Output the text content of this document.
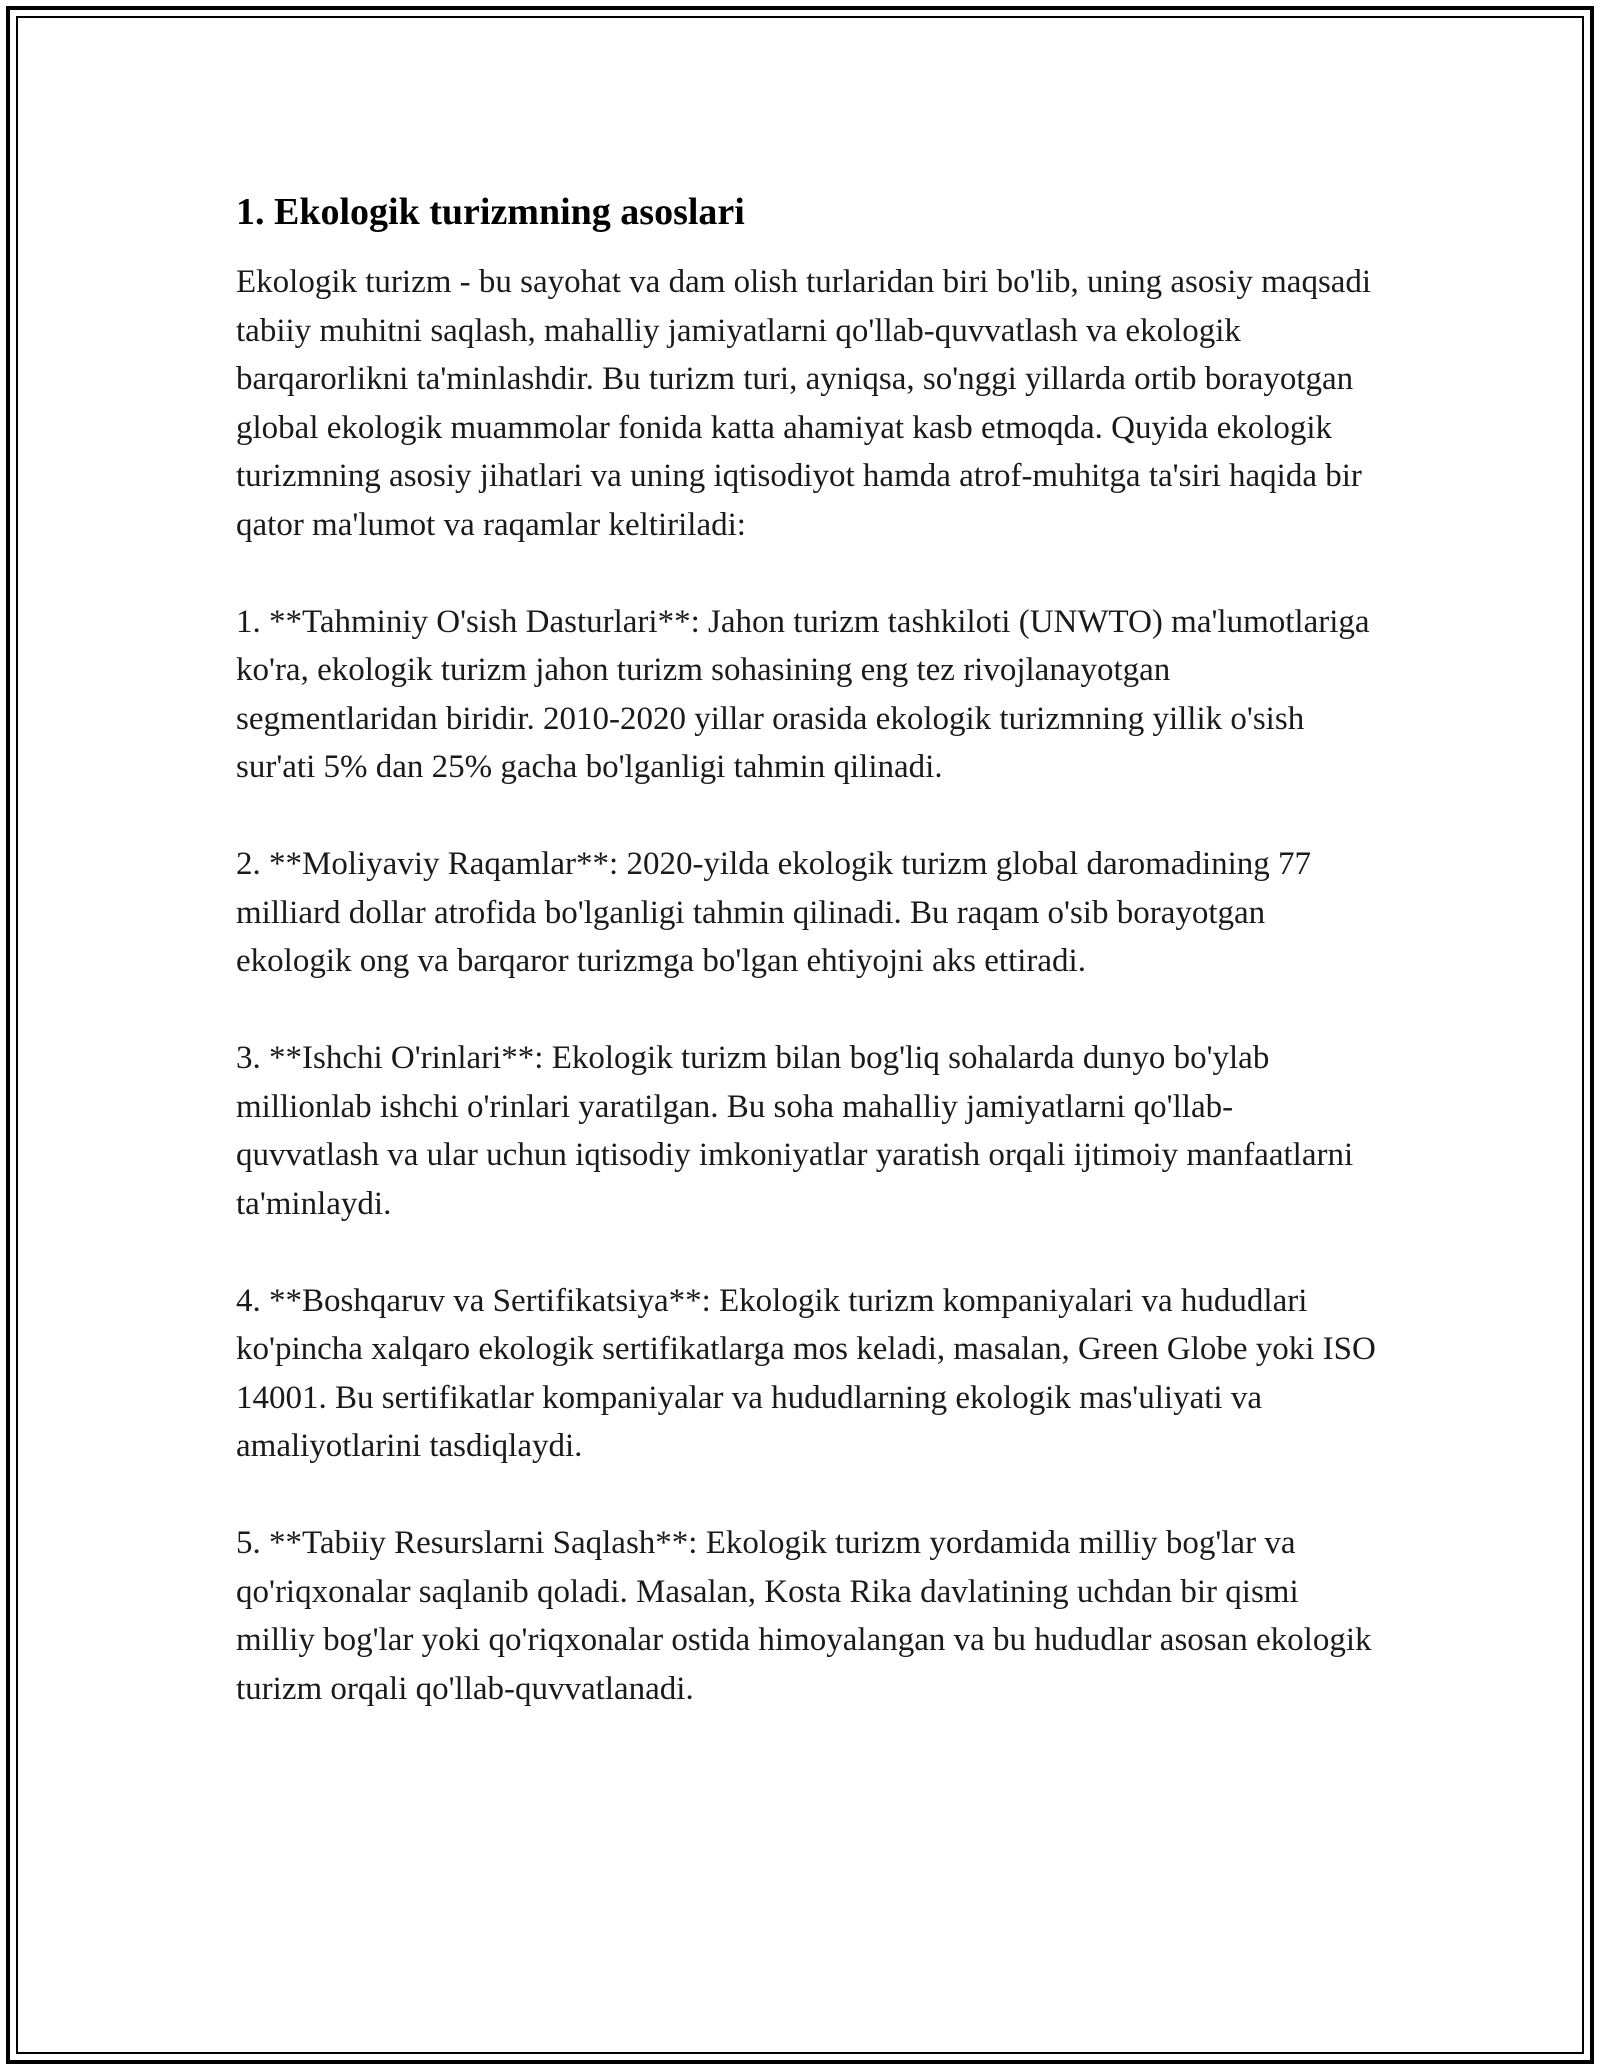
1. Ekologik turizmning asoslari

Ekologik turizm - bu sayohat va dam olish turlaridan biri bo'lib, uning asosiy maqsadi tabiiy muhitni saqlash, mahalliy jamiyatlarni qo'llab-quvvatlash va ekologik barqarorlikni ta'minlashdir. Bu turizm turi, ayniqsa, so'nggi yillarda ortib borayotgan global ekologik muammolar fonida katta ahamiyat kasb etmoqda. Quyida ekologik turizmning asosiy jihatlari va uning iqtisodiyot hamda atrof-muhitga ta'siri haqida bir qator ma'lumot va raqamlar keltiriladi:

1. **Tahminiy O'sish Dasturlari**: Jahon turizm tashkiloti (UNWTO) ma'lumotlariga ko'ra, ekologik turizm jahon turizm sohasining eng tez rivojlanayotgan segmentlaridan biridir. 2010-2020 yillar orasida ekologik turizmning yillik o'sish sur'ati 5% dan 25% gacha bo'lganligi tahmin qilinadi.

2. **Moliyaviy Raqamlar**: 2020-yilda ekologik turizm global daromadining 77 milliard dollar atrofida bo'lganligi tahmin qilinadi. Bu raqam o'sib borayotgan ekologik ong va barqaror turizmga bo'lgan ehtiyojni aks ettiradi.

3. **Ishchi O'rinlari**: Ekologik turizm bilan bog'liq sohalarda dunyo bo'ylab millionlab ishchi o'rinlari yaratilgan. Bu soha mahalliy jamiyatlarni qo'llab-quvvatlash va ular uchun iqtisodiy imkoniyatlar yaratish orqali ijtimoiy manfaatlarni ta'minlaydi.

4. **Boshqaruv va Sertifikatsiya**: Ekologik turizm kompaniyalari va hududlari ko'pincha xalqaro ekologik sertifikatlarga mos keladi, masalan, Green Globe yoki ISO 14001. Bu sertifikatlar kompaniyalar va hududlarning ekologik mas'uliyati va amaliyotlarini tasdiqlaydi.

5. **Tabiiy Resurslarni Saqlash**: Ekologik turizm yordamida milliy bog'lar va qo'riqxonalar saqlanib qoladi. Masalan, Kosta Rika davlatining uchdan bir qismi milliy bog'lar yoki qo'riqxonalar ostida himoyalangan va bu hududlar asosan ekologik turizm orqali qo'llab-quvvatlanadi.
